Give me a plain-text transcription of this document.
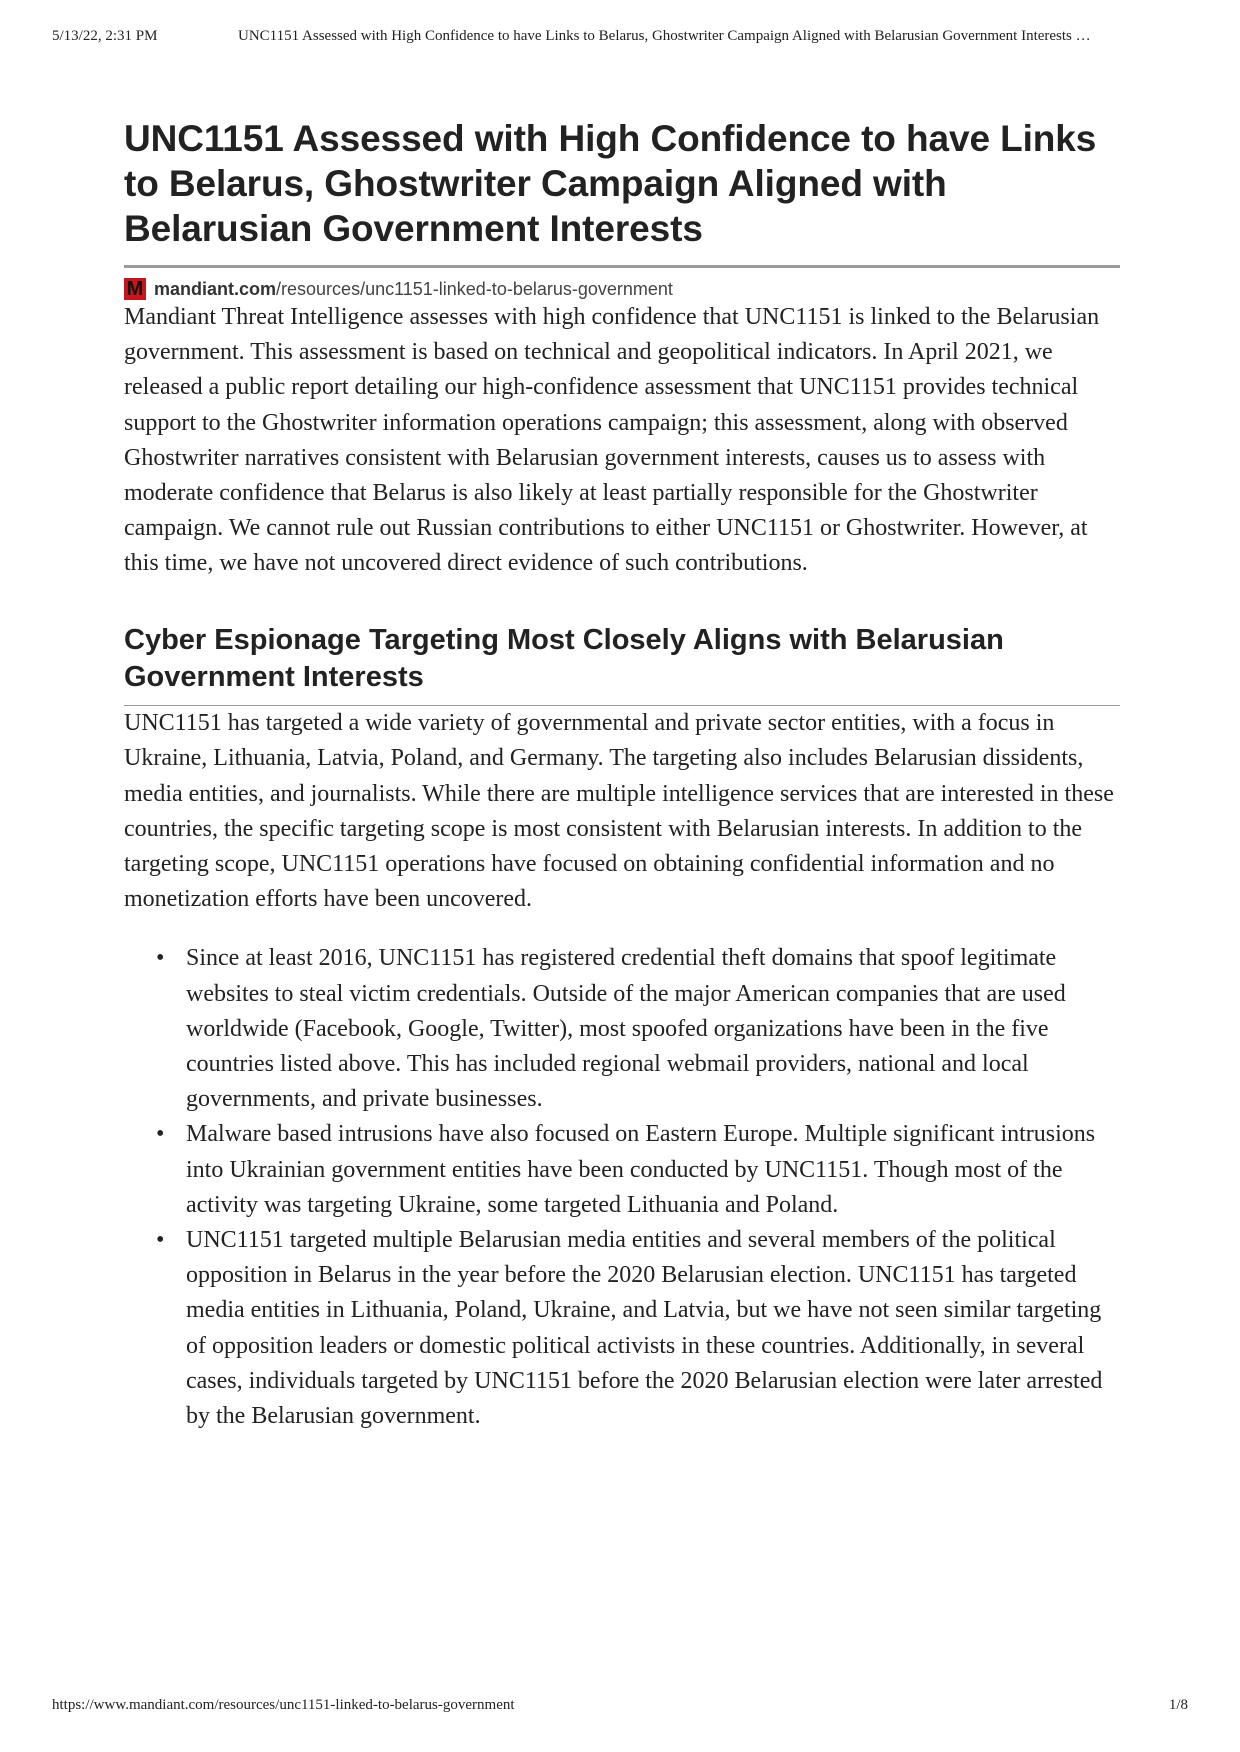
5/13/22, 2:31 PM	UNC1151 Assessed with High Confidence to have Links to Belarus, Ghostwriter Campaign Aligned with Belarusian Government Interests …
UNC1151 Assessed with High Confidence to have Links to Belarus, Ghostwriter Campaign Aligned with Belarusian Government Interests
M mandiant.com /resources/unc1151-linked-to-belarus-government

Mandiant Threat Intelligence assesses with high confidence that UNC1151 is linked to the Belarusian government. This assessment is based on technical and geopolitical indicators. In April 2021, we released a public report detailing our high-confidence assessment that UNC1151 provides technical support to the Ghostwriter information operations campaign; this assessment, along with observed Ghostwriter narratives consistent with Belarusian government interests, causes us to assess with moderate confidence that Belarus is also likely at least partially responsible for the Ghostwriter campaign. We cannot rule out Russian contributions to either UNC1151 or Ghostwriter. However, at this time, we have not uncovered direct evidence of such contributions.

Cyber Espionage Targeting Most Closely Aligns with Belarusian Government Interests

UNC1151 has targeted a wide variety of governmental and private sector entities, with a focus in Ukraine, Lithuania, Latvia, Poland, and Germany. The targeting also includes Belarusian dissidents, media entities, and journalists. While there are multiple intelligence services that are interested in these countries, the specific targeting scope is most consistent with Belarusian interests. In addition to the targeting scope, UNC1151 operations have focused on obtaining confidential information and no monetization efforts have been uncovered.

• Since at least 2016, UNC1151 has registered credential theft domains that spoof legitimate websites to steal victim credentials. Outside of the major American companies that are used worldwide (Facebook, Google, Twitter), most spoofed organizations have been in the five countries listed above. This has included regional webmail providers, national and local governments, and private businesses.
• Malware based intrusions have also focused on Eastern Europe. Multiple significant intrusions into Ukrainian government entities have been conducted by UNC1151. Though most of the activity was targeting Ukraine, some targeted Lithuania and Poland.
• UNC1151 targeted multiple Belarusian media entities and several members of the political opposition in Belarus in the year before the 2020 Belarusian election. UNC1151 has targeted media entities in Lithuania, Poland, Ukraine, and Latvia, but we have not seen similar targeting of opposition leaders or domestic political activists in these countries. Additionally, in several cases, individuals targeted by UNC1151 before the 2020 Belarusian election were later arrested by the Belarusian government.
https://www.mandiant.com/resources/unc1151-linked-to-belarus-government	1/8
